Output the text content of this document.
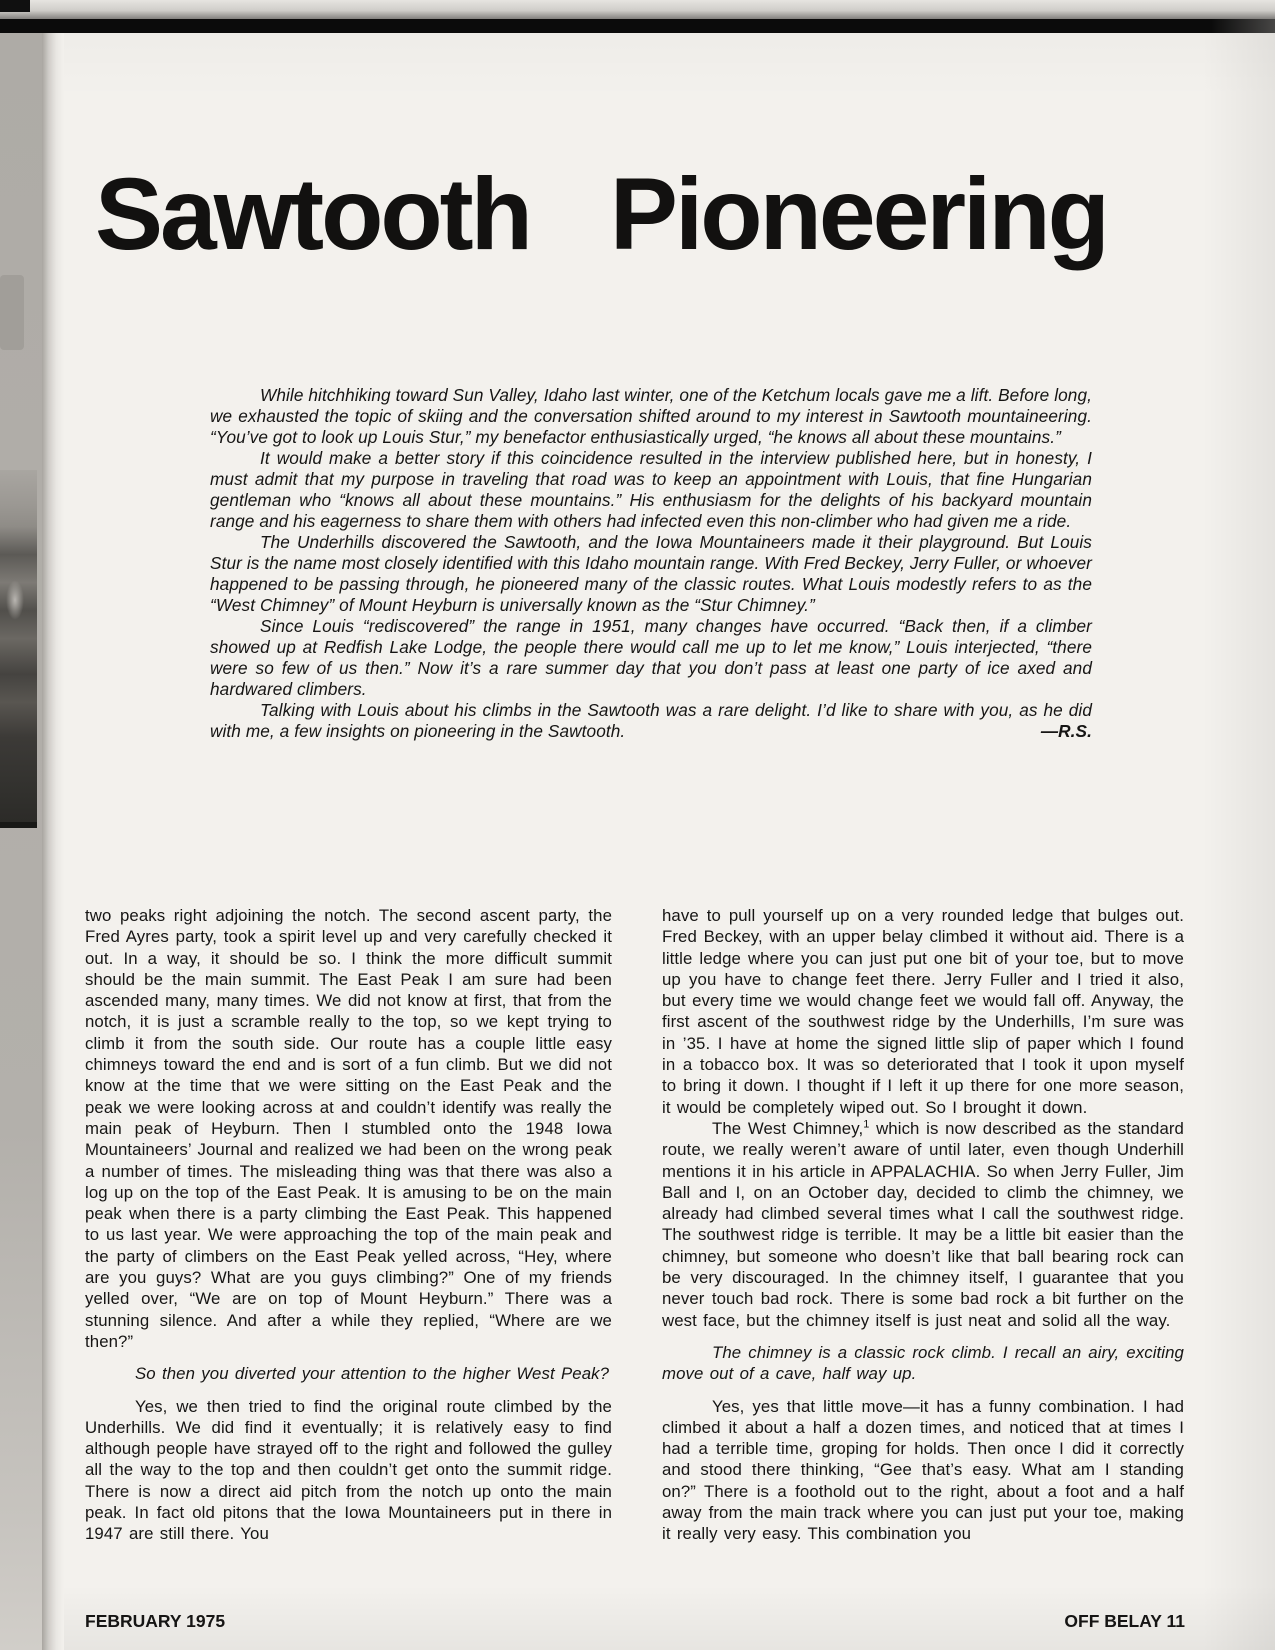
Sawtooth Pioneering

While hitchhiking toward Sun Valley, Idaho last winter, one of the Ketchum locals gave me a lift. Before long, we exhausted the topic of skiing and the conversation shifted around to my interest in Sawtooth mountaineering. “You’ve got to look up Louis Stur,” my benefactor enthusiastically urged, “he knows all about these mountains.”

It would make a better story if this coincidence resulted in the interview published here, but in honesty, I must admit that my purpose in traveling that road was to keep an appointment with Louis, that fine Hungarian gentleman who “knows all about these mountains.” His enthusiasm for the delights of his backyard mountain range and his eagerness to share them with others had infected even this non-climber who had given me a ride.

The Underhills discovered the Sawtooth, and the Iowa Mountaineers made it their playground. But Louis Stur is the name most closely identified with this Idaho mountain range. With Fred Beckey, Jerry Fuller, or whoever happened to be passing through, he pioneered many of the classic routes. What Louis modestly refers to as the “West Chimney” of Mount Heyburn is universally known as the “Stur Chimney.”

Since Louis “rediscovered” the range in 1951, many changes have occurred. “Back then, if a climber showed up at Redfish Lake Lodge, the people there would call me up to let me know,” Louis interjected, “there were so few of us then.” Now it’s a rare summer day that you don’t pass at least one party of ice axed and hardwared climbers.

Talking with Louis about his climbs in the Sawtooth was a rare delight. I’d like to share with you, as he did with me, a few insights on pioneering in the Sawtooth.	—R.S.

two peaks right adjoining the notch. The second ascent party, the Fred Ayres party, took a spirit level up and very carefully checked it out. In a way, it should be so. I think the more difficult summit should be the main summit. The East Peak I am sure had been ascended many, many times. We did not know at first, that from the notch, it is just a scramble really to the top, so we kept trying to climb it from the south side. Our route has a couple little easy chimneys toward the end and is sort of a fun climb. But we did not know at the time that we were sitting on the East Peak and the peak we were looking across at and couldn’t identify was really the main peak of Heyburn. Then I stumbled onto the 1948 Iowa Mountaineers’ Journal and realized we had been on the wrong peak a number of times. The misleading thing was that there was also a log up on the top of the East Peak. It is amusing to be on the main peak when there is a party climbing the East Peak. This happened to us last year. We were approaching the top of the main peak and the party of climbers on the East Peak yelled across, “Hey, where are you guys? What are you guys climbing?” One of my friends yelled over, “We are on top of Mount Heyburn.” There was a stunning silence. And after a while they replied, “Where are we then?”

So then you diverted your attention to the higher West Peak?

Yes, we then tried to find the original route climbed by the Underhills. We did find it eventually; it is relatively easy to find although people have strayed off to the right and followed the gulley all the way to the top and then couldn’t get onto the summit ridge. There is now a direct aid pitch from the notch up onto the main peak. In fact old pitons that the Iowa Mountaineers put in there in 1947 are still there. You

have to pull yourself up on a very rounded ledge that bulges out. Fred Beckey, with an upper belay climbed it without aid. There is a little ledge where you can just put one bit of your toe, but to move up you have to change feet there. Jerry Fuller and I tried it also, but every time we would change feet we would fall off. Anyway, the first ascent of the southwest ridge by the Underhills, I’m sure was in ’35. I have at home the signed little slip of paper which I found in a tobacco box. It was so deteriorated that I took it upon myself to bring it down. I thought if I left it up there for one more season, it would be completely wiped out. So I brought it down.

The West Chimney,$^1$ which is now described as the standard route, we really weren’t aware of until later, even though Underhill mentions it in his article in APPALACHIA. So when Jerry Fuller, Jim Ball and I, on an October day, decided to climb the chimney, we already had climbed several times what I call the southwest ridge. The southwest ridge is terrible. It may be a little bit easier than the chimney, but someone who doesn’t like that ball bearing rock can be very discouraged. In the chimney itself, I guarantee that you never touch bad rock. There is some bad rock a bit further on the west face, but the chimney itself is just neat and solid all the way.

The chimney is a classic rock climb. I recall an airy, exciting move out of a cave, half way up.

Yes, yes that little move—it has a funny combination. I had climbed it about a half a dozen times, and noticed that at times I had a terrible time, groping for holds. Then once I did it correctly and stood there thinking, “Gee that’s easy. What am I standing on?” There is a foothold out to the right, about a foot and a half away from the main track where you can just put your toe, making it really very easy. This combination you

FEBRUARY 1975	OFF BELAY 11
